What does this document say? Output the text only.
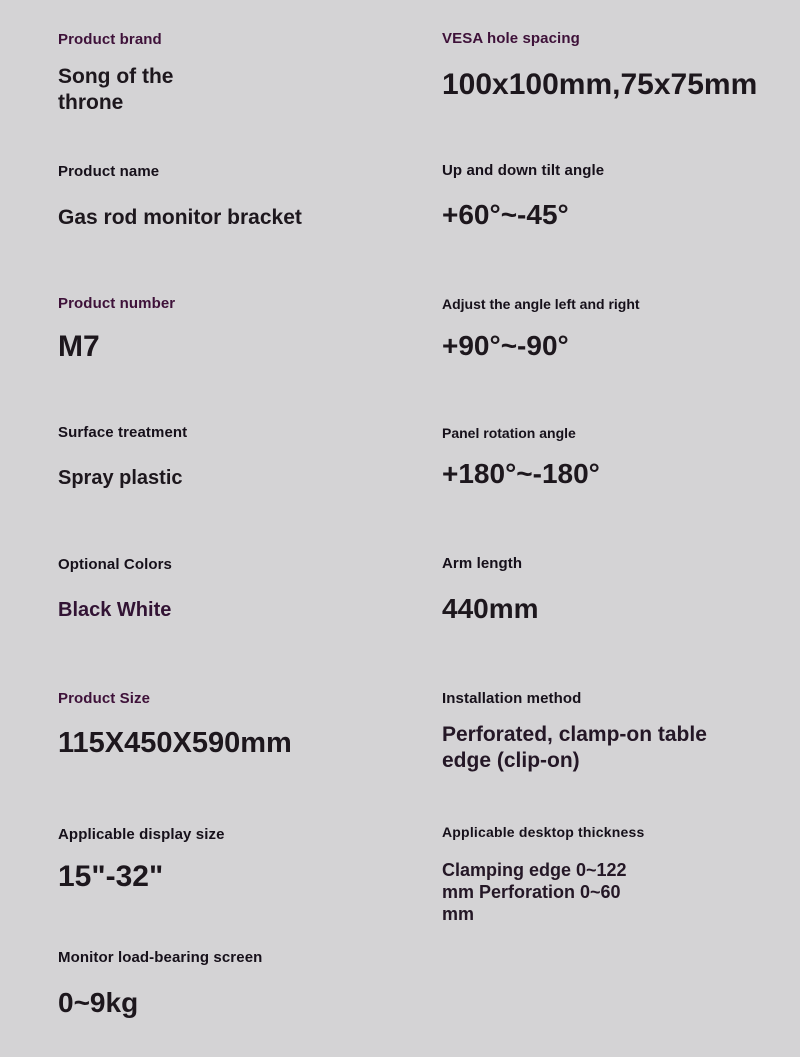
Product brand
Song of the throne
Product name
Gas rod monitor bracket
Product number
M7
Surface treatment
Spray plastic
Optional Colors
Black White
Product Size
115X450X590mm
Applicable display size
15"-32"
Monitor load-bearing screen
0~9kg
VESA hole spacing
100x100mm,75x75mm
Up and down tilt angle
+60°~-45°
Adjust the angle left and right
+90°~-90°
Panel rotation angle
+180°~-180°
Arm length
440mm
Installation method
Perforated, clamp-on table edge (clip-on)
Applicable desktop thickness
Clamping edge 0~122 mm Perforation 0~60 mm
